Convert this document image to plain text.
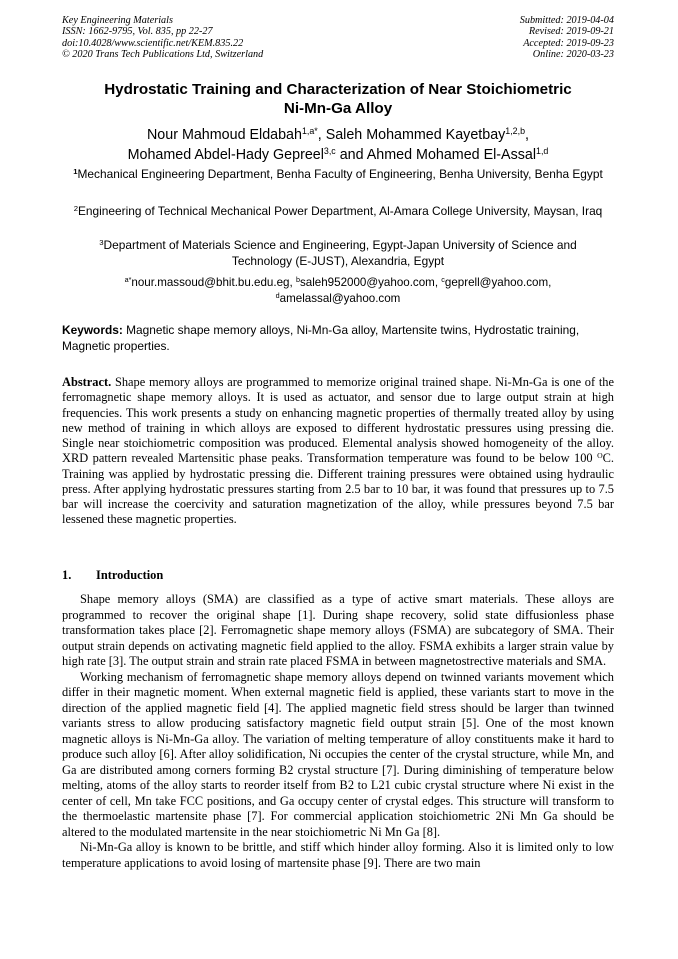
Key Engineering Materials
ISSN: 1662-9795, Vol. 835, pp 22-27
doi:10.4028/www.scientific.net/KEM.835.22
© 2020 Trans Tech Publications Ltd, Switzerland
Submitted: 2019-04-04
Revised: 2019-09-21
Accepted: 2019-09-23
Online: 2020-03-23
Hydrostatic Training and Characterization of Near Stoichiometric
Ni-Mn-Ga Alloy
Nour Mahmoud Eldabah$^{1,a*}$, Saleh Mohammed Kayetbay$^{1,2,b}$,
Mohamed Abdel-Hady Gepreel$^{3,c}$ and Ahmed Mohamed El-Assal$^{1,d}$
$^1$Mechanical Engineering Department, Benha Faculty of Engineering, Benha University, Benha Egypt
$^2$Engineering of Technical Mechanical Power Department, Al-Amara College University, Maysan, Iraq
$^3$Department of Materials Science and Engineering, Egypt-Japan University of Science and Technology (E-JUST), Alexandria, Egypt
$^{a*}$nour.massoud@bhit.bu.edu.eg, $^b$saleh952000@yahoo.com, $^c$geprell@yahoo.com,
$^d$amelassal@yahoo.com
Keywords: Magnetic shape memory alloys, Ni-Mn-Ga alloy, Martensite twins, Hydrostatic training, Magnetic properties.
Abstract. Shape memory alloys are programmed to memorize original trained shape. Ni-Mn-Ga is one of the ferromagnetic shape memory alloys. It is used as actuator, and sensor due to large output strain at high frequencies. This work presents a study on enhancing magnetic properties of thermally treated alloy by using new method of training in which alloys are exposed to different hydrostatic pressures using pressing die. Single near stoichiometric composition was produced. Elemental analysis showed homogeneity of the alloy. XRD pattern revealed Martensitic phase peaks. Transformation temperature was found to be below 100 $^O$C. Training was applied by hydrostatic pressing die. Different training pressures were obtained using hydraulic press. After applying hydrostatic pressures starting from 2.5 bar to 10 bar, it was found that pressures up to 7.5 bar will increase the coercivity and saturation magnetization of the alloy, while pressures beyond 7.5 bar lessened these magnetic properties.
1. Introduction

Shape memory alloys (SMA) are classified as a type of active smart materials. These alloys are programmed to recover the original shape [1]. During shape recovery, solid state diffusionless phase transformation takes place [2]. Ferromagnetic shape memory alloys (FSMA) are subcategory of SMA. Their output strain depends on activating magnetic field applied to the alloy. FSMA exhibits a larger strain value by high rate [3]. The output strain and strain rate placed FSMA in between magnetostrective materials and SMA.

Working mechanism of ferromagnetic shape memory alloys depend on twinned variants movement which differ in their magnetic moment. When external magnetic field is applied, these variants start to move in the direction of the applied magnetic field [4]. The applied magnetic field stress should be larger than twinned variants stress to allow producing satisfactory magnetic field output strain [5]. One of the most known magnetic alloys is Ni-Mn-Ga alloy. The variation of melting temperature of alloy constituents make it hard to produce such alloy [6]. After alloy solidification, Ni occupies the center of the crystal structure, while Mn, and Ga are distributed among corners forming B2 crystal structure [7]. During diminishing of temperature below melting, atoms of the alloy starts to reorder itself from B2 to L21 cubic crystal structure where Ni exist in the center of cell, Mn take FCC positions, and Ga occupy center of crystal edges. This structure will transform to the thermoelastic martensite phase [7]. For commercial application stoichiometric 2Ni Mn Ga should be altered to the modulated martensite in the near stoichiometric Ni Mn Ga [8].

Ni-Mn-Ga alloy is known to be brittle, and stiff which hinder alloy forming. Also it is limited only to low temperature applications to avoid losing of martensite phase [9]. There are two main
